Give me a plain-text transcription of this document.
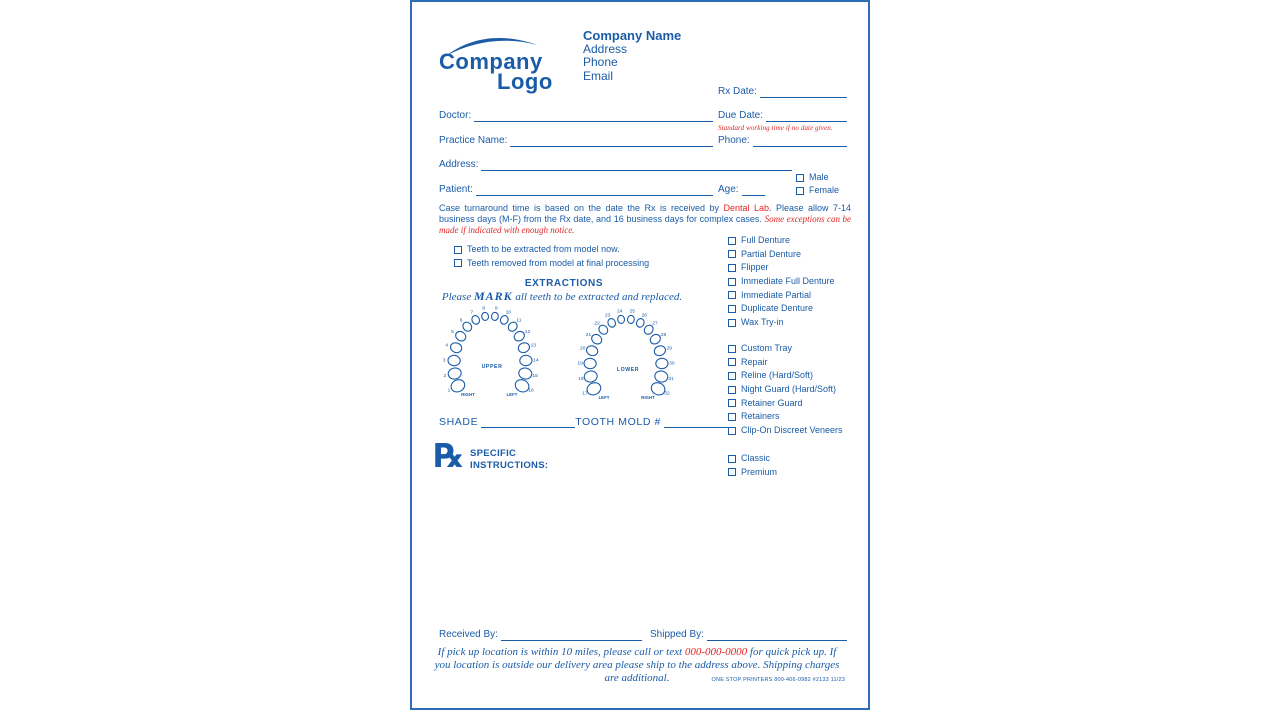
Company
Logo
Company Name
Address
Phone
Email
Rx Date:
Doctor:	Due Date:
Standard working time if no date given.
Practice Name:	Phone:
Address:
Male
Female
Patient:	Age:
Case turnaround time is based on the date the Rx is received by Dental Lab. Please allow 7-14 business days (M-F) from the Rx date, and 16 business days for complex cases. Some exceptions can be made if indicated with enough notice.
Teeth to be extracted from model now.
Teeth removed from model at final processing
Full Denture
Partial Denture
Flipper
Immediate Full Denture
Immediate Partial
Duplicate Denture
Wax Try-in
EXTRACTIONS
Please MARK all teeth to be extracted and replaced.
1
2
3
4
5
6
7
8 9
10
11
12
13
14
15
16
UPPER
RIGHT	LEFT	17
18
19
20
21
22
23
24 25
26
27
28
29
30
31
32
LOWER
LEFT	RIGHT
Custom Tray
Repair
Reline (Hard/Soft)
Night Guard (Hard/Soft)
Retainer Guard
Retainers
Clip-On Discreet Veneers
SHADE	TOOTH MOLD #
℞ SPECIFIC
INSTRUCTIONS:
Classic
Premium
Received By:	Shipped By:
If pick up location is within 10 miles, please call or text 000-000-0000 for quick pick up. If you location is outside our delivery area please ship to the address above. Shipping charges are additional.	ONE STOP PRINTERS 800-406-0982 #2133 11/23
